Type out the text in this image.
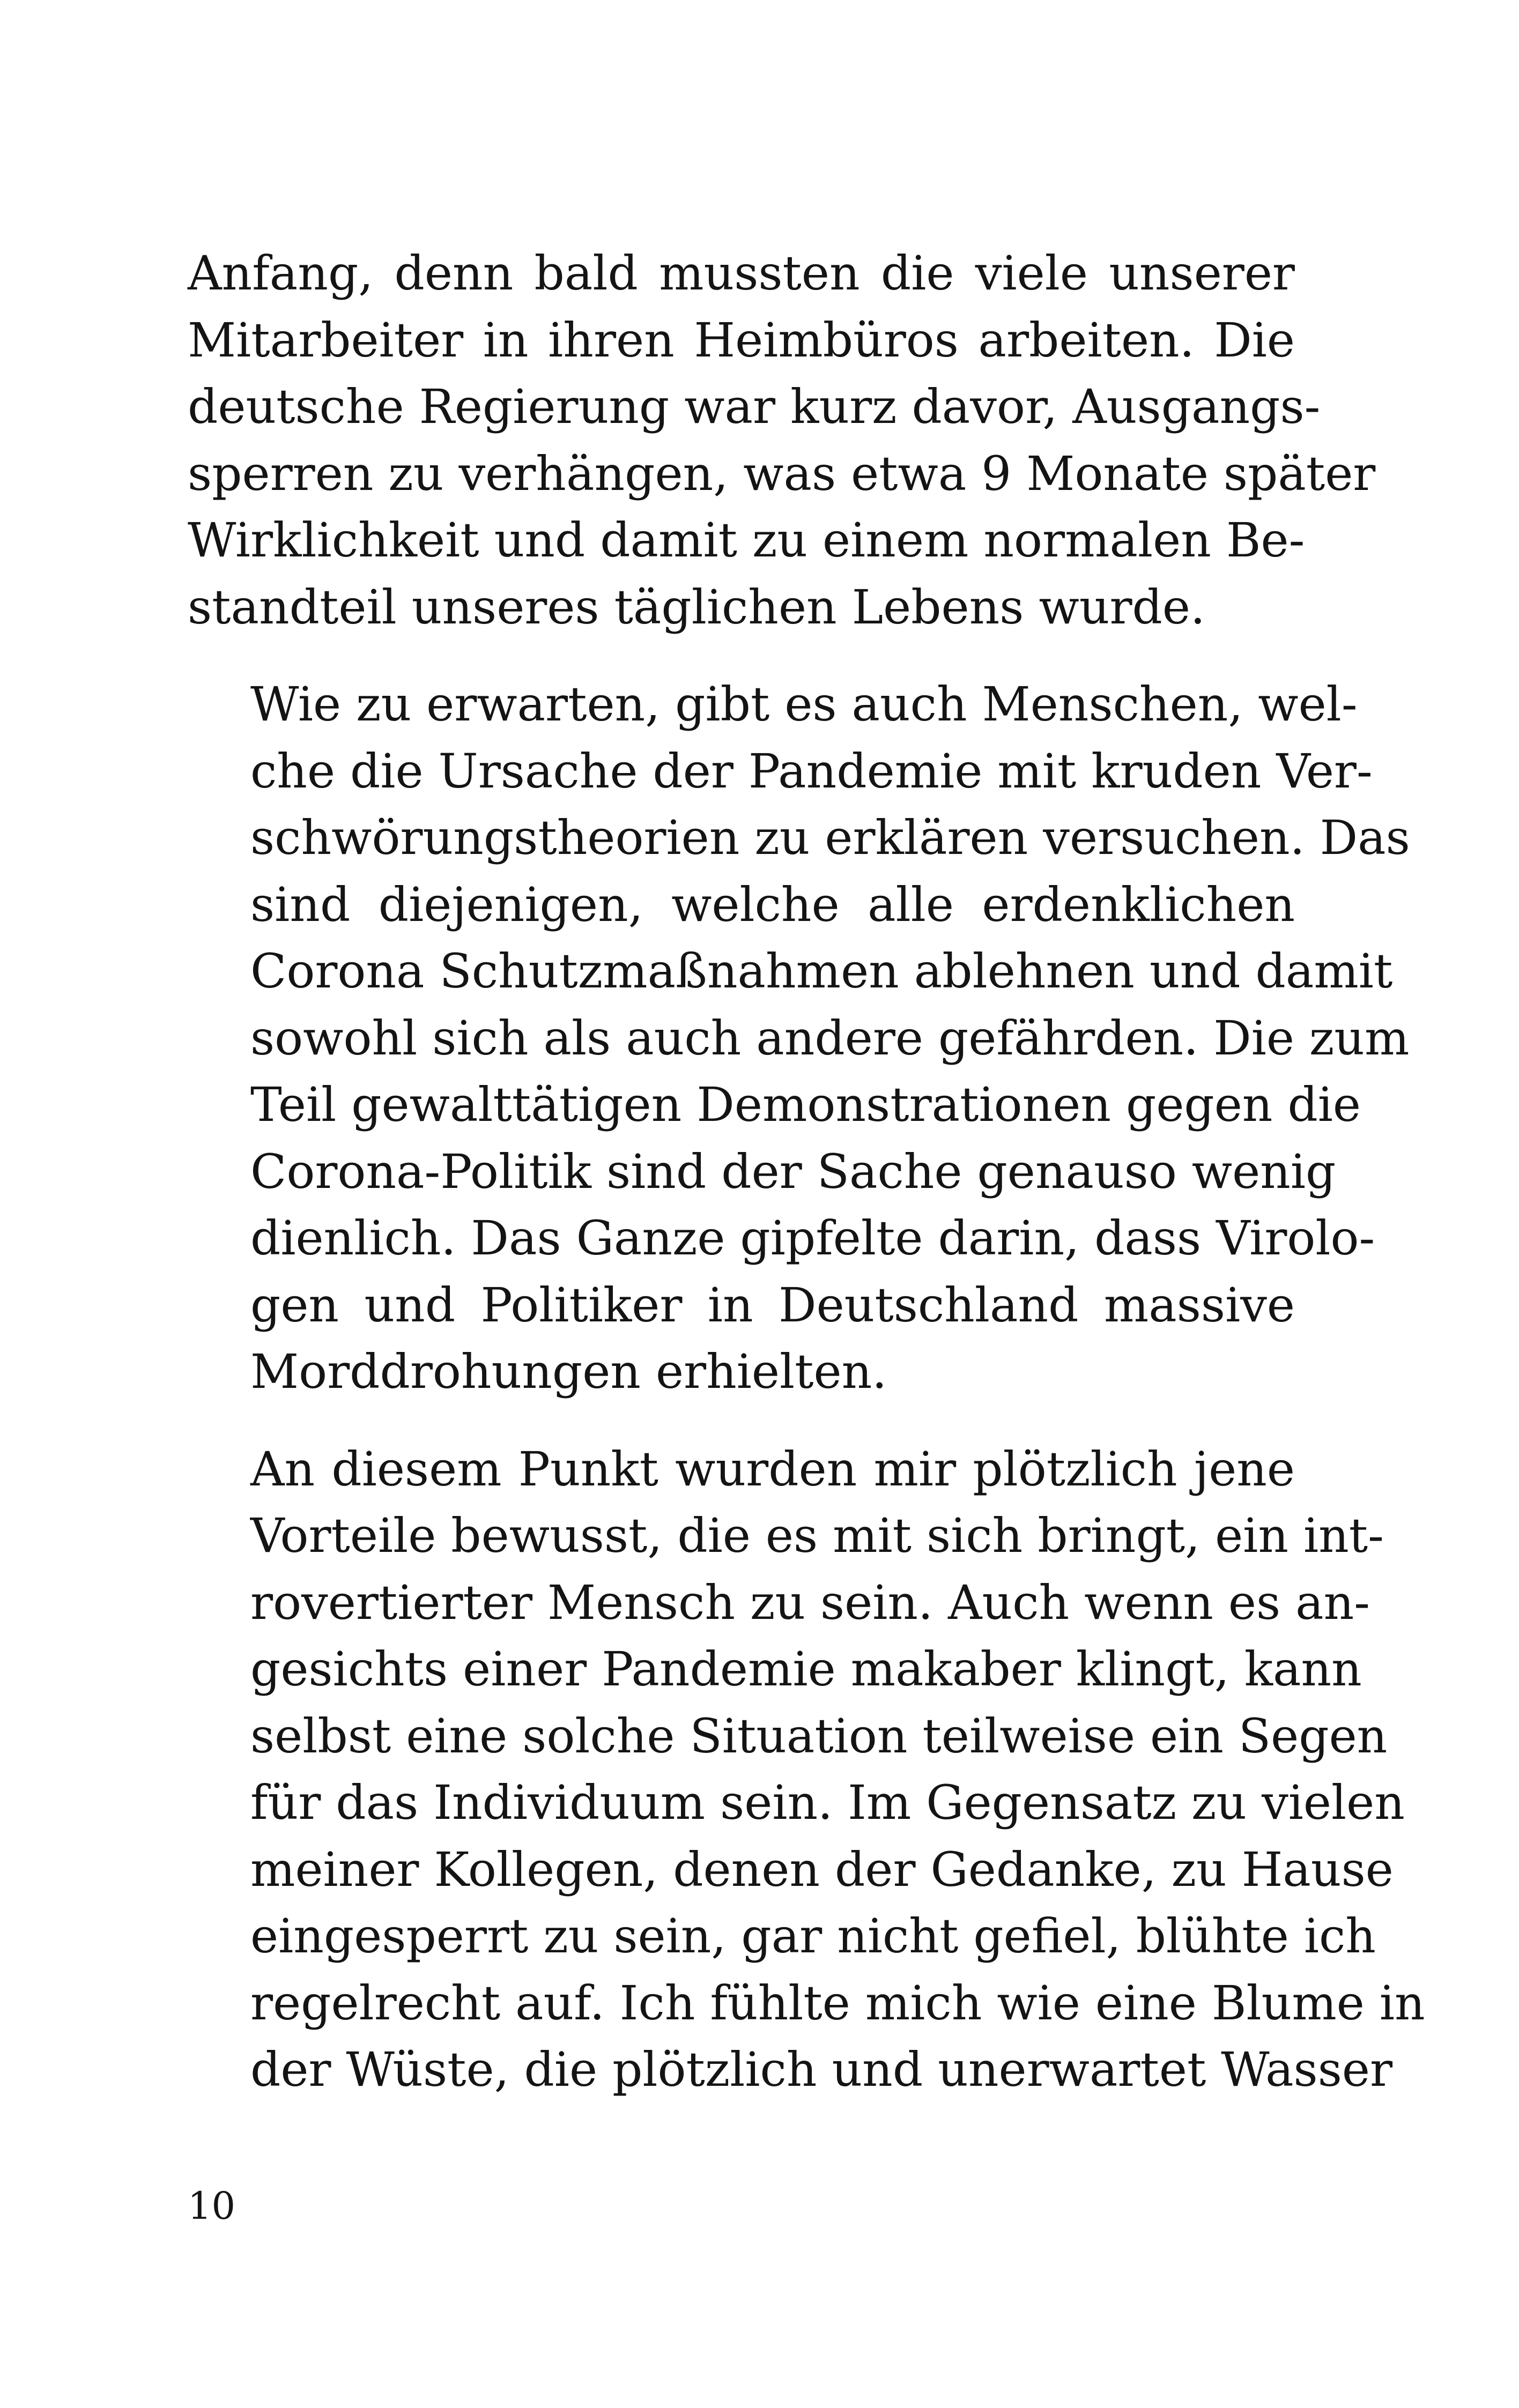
Anfang, denn bald mussten die viele unserer
Mitarbeiter in ihren Heimbüros arbeiten. Die
deutsche Regierung war kurz davor, Ausgangs-
sperren zu verhängen, was etwa 9 Monate später
Wirklichkeit und damit zu einem normalen Be-
standteil unseres täglichen Lebens wurde.

Wie zu erwarten, gibt es auch Menschen, wel-
che die Ursache der Pandemie mit kruden Ver-
schwörungstheorien zu erklären versuchen. Das
sind diejenigen, welche alle erdenklichen
Corona Schutzmaßnahmen ablehnen und damit
sowohl sich als auch andere gefährden. Die zum
Teil gewalttätigen Demonstrationen gegen die
Corona-Politik sind der Sache genauso wenig
dienlich. Das Ganze gipfelte darin, dass Virolo-
gen und Politiker in Deutschland massive
Morddrohungen erhielten.

An diesem Punkt wurden mir plötzlich jene
Vorteile bewusst, die es mit sich bringt, ein int-
rovertierter Mensch zu sein. Auch wenn es an-
gesichts einer Pandemie makaber klingt, kann
selbst eine solche Situation teilweise ein Segen
für das Individuum sein. Im Gegensatz zu vielen
meiner Kollegen, denen der Gedanke, zu Hause
eingesperrt zu sein, gar nicht gefiel, blühte ich
regelrecht auf. Ich fühlte mich wie eine Blume in
der Wüste, die plötzlich und unerwartet Wasser

10
